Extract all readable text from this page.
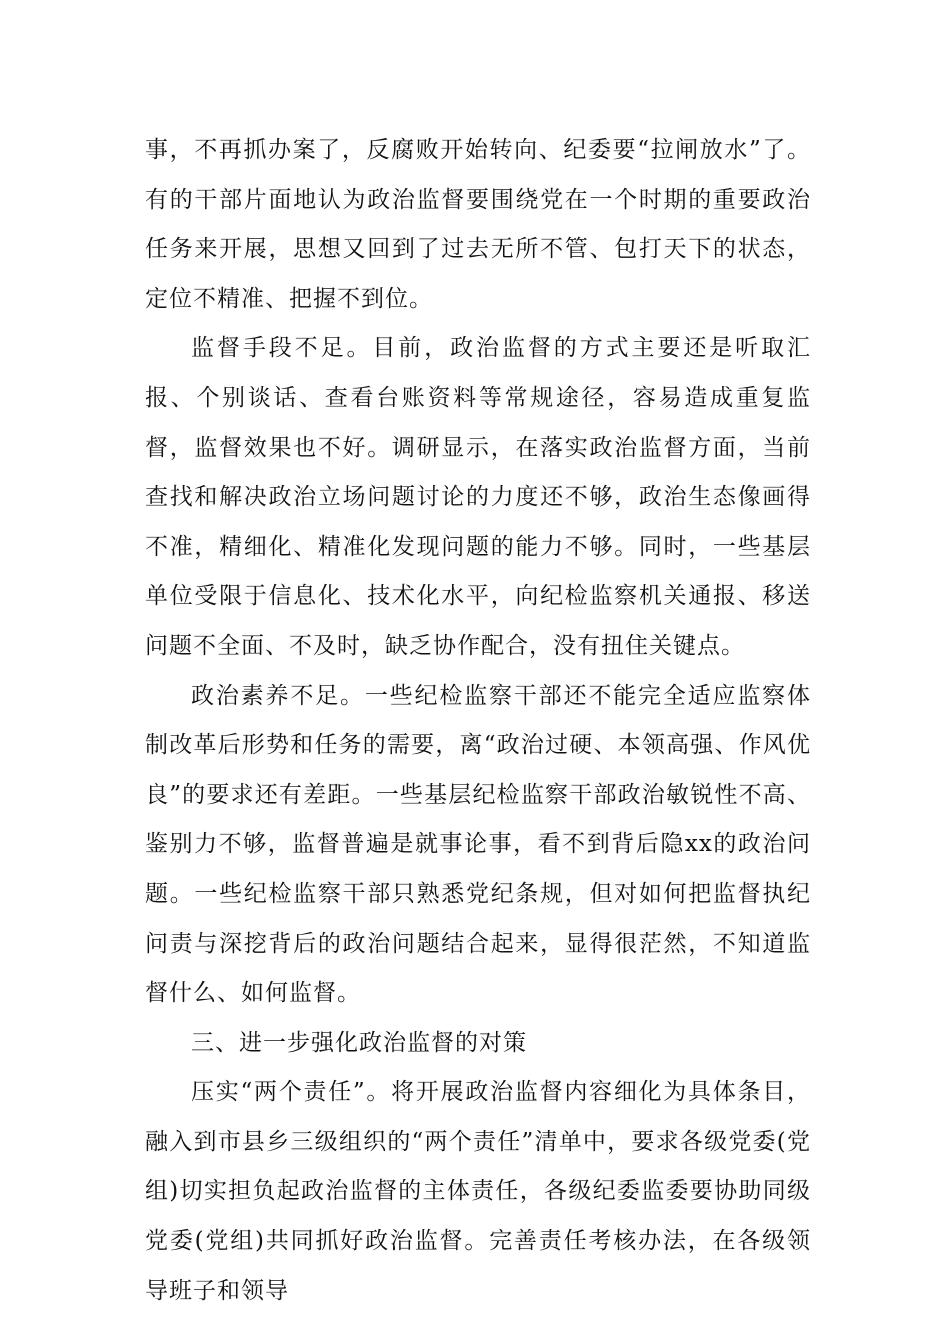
事，不再抓办案了，反腐败开始转向、纪委要“拉闸放水”了。有的干部片面地认为政治监督要围绕党在一个时期的重要政治任务来开展，思想又回到了过去无所不管、包打天下的状态，定位不精准、把握不到位。

监督手段不足。目前，政治监督的方式主要还是听取汇报、个别谈话、查看台账资料等常规途径，容易造成重复监督，监督效果也不好。调研显示，在落实政治监督方面，当前查找和解决政治立场问题讨论的力度还不够，政治生态像画得不准，精细化、精准化发现问题的能力不够。同时，一些基层单位受限于信息化、技术化水平，向纪检监察机关通报、移送问题不全面、不及时，缺乏协作配合，没有扭住关键点。

政治素养不足。一些纪检监察干部还不能完全适应监察体制改革后形势和任务的需要，离“政治过硬、本领高强、作风优良”的要求还有差距。一些基层纪检监察干部政治敏锐性不高、鉴别力不够，监督普遍是就事论事，看不到背后隐xx的政治问题。一些纪检监察干部只熟悉党纪条规，但对如何把监督执纪问责与深挖背后的政治问题结合起来，显得很茫然，不知道监督什么、如何监督。

三、进一步强化政治监督的对策

压实“两个责任”。将开展政治监督内容细化为具体条目，融入到市县乡三级组织的“两个责任”清单中，要求各级党委(党组)切实担负起政治监督的主体责任，各级纪委监委要协助同级党委(党组)共同抓好政治监督。完善责任考核办法，在各级领导班子和领导
